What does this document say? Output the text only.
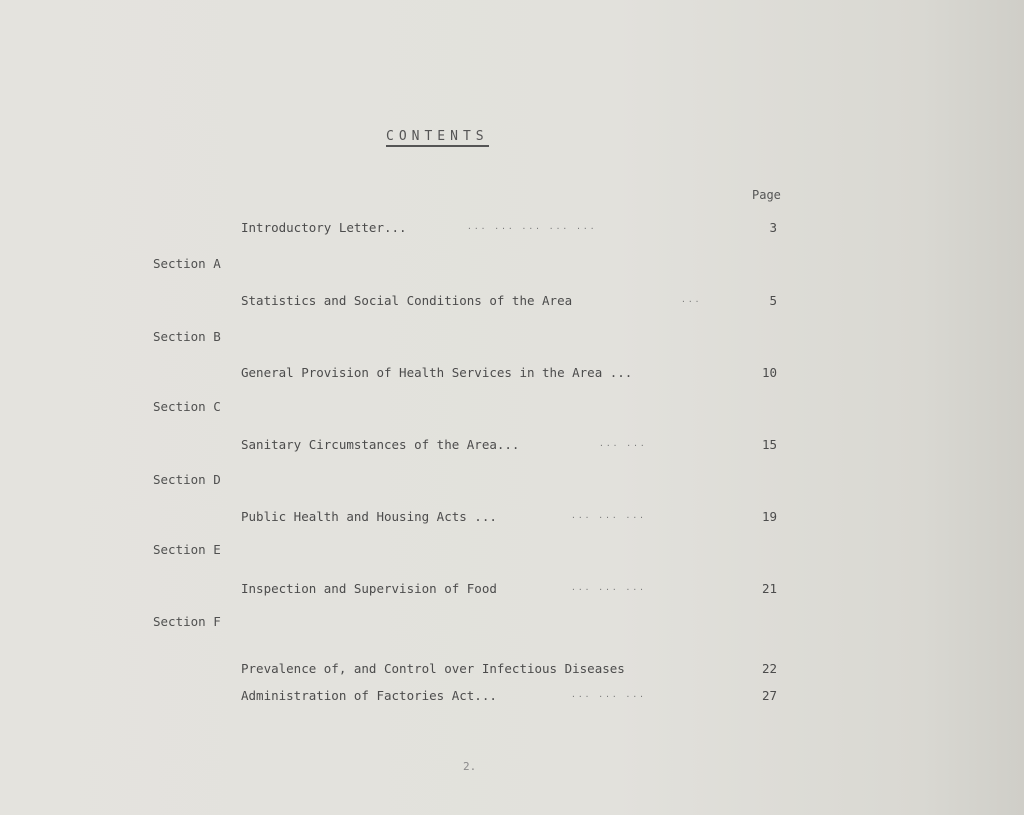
CONTENTS
Page
Introductory Letter...	... ... ... ... ...	3
Section A
Statistics and Social Conditions of the Area	...	5
Section B
General Provision of Health Services in the Area ...	10
Section C
Sanitary Circumstances of the Area...	... ...	15
Section D
Public Health and Housing Acts ...	... ... ...	19
Section E
Inspection and Supervision of Food	... ... ...	21
Section F
Prevalence of, and Control over Infectious Diseases	22
Administration of Factories Act...	... ... ...	27
2.
